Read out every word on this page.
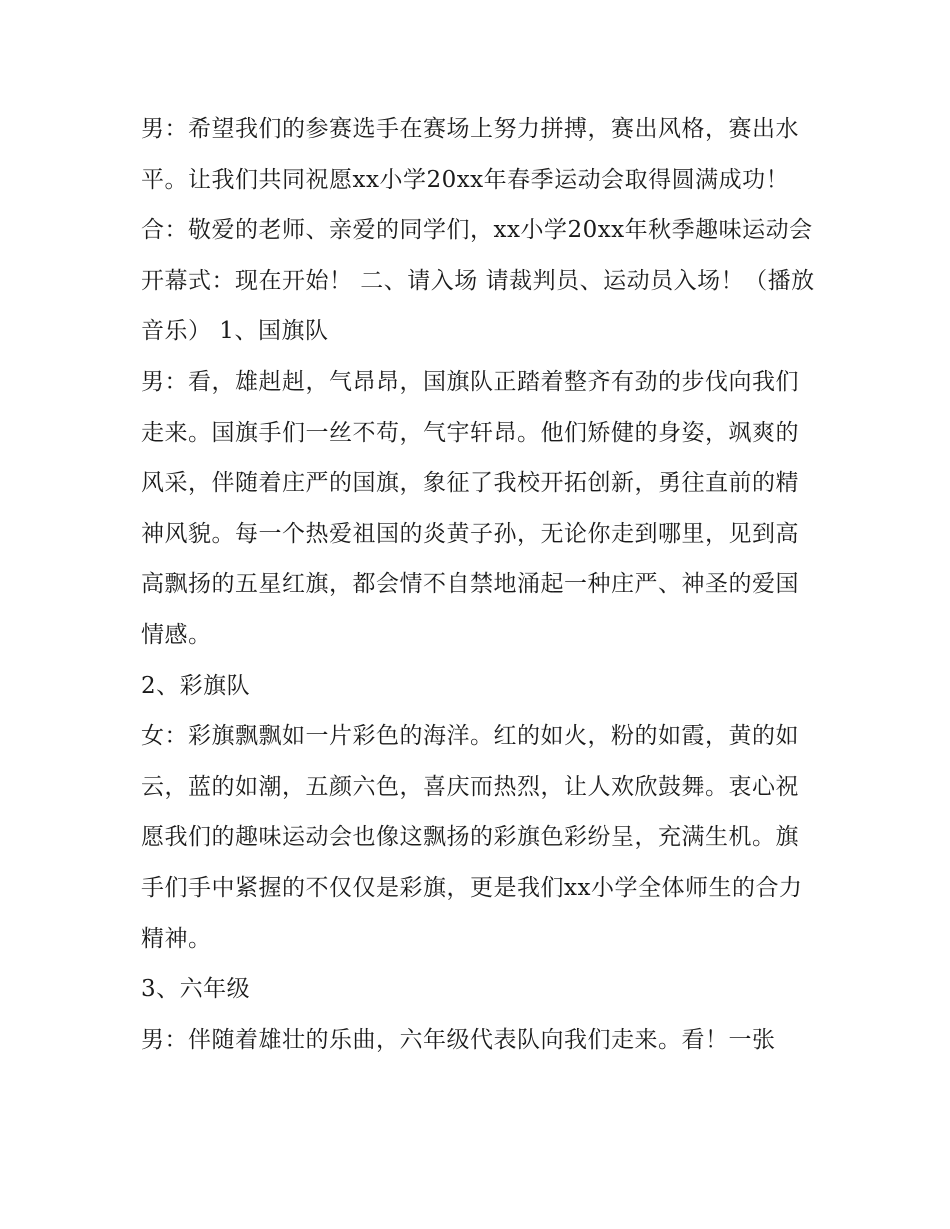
男：希望我们的参赛选手在赛场上努力拼搏，赛出风格，赛出水平。让我们共同祝愿xx小学20xx年春季运动会取得圆满成功！

合：敬爱的老师、亲爱的同学们，xx小学20xx年秋季趣味运动会开幕式：现在开始！ 二、请入场 请裁判员、运动员入场！（播放音乐） 1、国旗队

男：看，雄赳赳，气昂昂，国旗队正踏着整齐有劲的步伐向我们走来。国旗手们一丝不苟，气宇轩昂。他们矫健的身姿，飒爽的风采，伴随着庄严的国旗，象征了我校开拓创新，勇往直前的精神风貌。每一个热爱祖国的炎黄子孙，无论你走到哪里，见到高高飘扬的五星红旗，都会情不自禁地涌起一种庄严、神圣的爱国情感。

2、彩旗队

女：彩旗飘飘如一片彩色的海洋。红的如火，粉的如霞，黄的如云，蓝的如潮，五颜六色，喜庆而热烈，让人欢欣鼓舞。衷心祝愿我们的趣味运动会也像这飘扬的彩旗色彩纷呈，充满生机。旗手们手中紧握的不仅仅是彩旗，更是我们xx小学全体师生的合力精神。

3、六年级

男：伴随着雄壮的乐曲，六年级代表队向我们走来。看！一张
